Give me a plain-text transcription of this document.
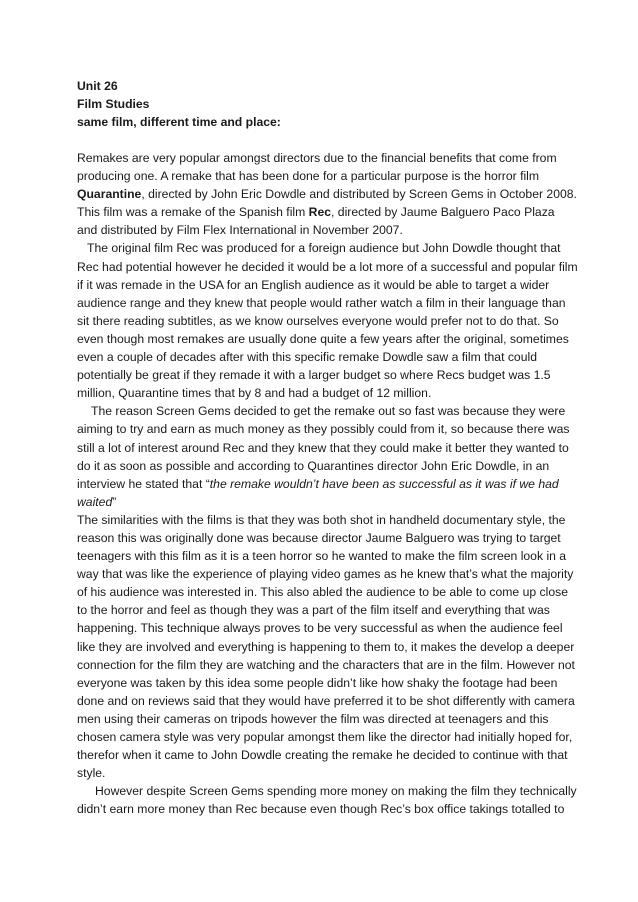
Unit 26
Film Studies
same film, different time and place:

Remakes are very popular amongst directors due to the financial benefits that come from producing one. A remake that has been done for a particular purpose is the horror film Quarantine, directed by John Eric Dowdle and distributed by Screen Gems in October 2008. This film was a remake of the Spanish film Rec, directed by Jaume Balguero Paco Plaza and distributed by Film Flex International in November 2007.

The original film Rec was produced for a foreign audience but John Dowdle thought that Rec had potential however he decided it would be a lot more of a successful and popular film if it was remade in the USA for an English audience as it would be able to target a wider audience range and they knew that people would rather watch a film in their language than sit there reading subtitles, as we know ourselves everyone would prefer not to do that. So even though most remakes are usually done quite a few years after the original, sometimes even a couple of decades after with this specific remake Dowdle saw a film that could potentially be great if they remade it with a larger budget so where Recs budget was 1.5 million, Quarantine times that by 8 and had a budget of 12 million.

The reason Screen Gems decided to get the remake out so fast was because they were aiming to try and earn as much money as they possibly could from it, so because there was still a lot of interest around Rec and they knew that they could make it better they wanted to do it as soon as possible and according to Quarantines director John Eric Dowdle, in an interview he stated that “the remake wouldn’t have been as successful as it was if we had waited”

The similarities with the films is that they was both shot in handheld documentary style, the reason this was originally done was because director Jaume Balguero was trying to target teenagers with this film as it is a teen horror so he wanted to make the film screen look in a way that was like the experience of playing video games as he knew that’s what the majority of his audience was interested in. This also abled the audience to be able to come up close to the horror and feel as though they was a part of the film itself and everything that was happening. This technique always proves to be very successful as when the audience feel like they are involved and everything is happening to them to, it makes the develop a deeper connection for the film they are watching and the characters that are in the film. However not everyone was taken by this idea some people didn’t like how shaky the footage had been done and on reviews said that they would have preferred it to be shot differently with camera men using their cameras on tripods however the film was directed at teenagers and this chosen camera style was very popular amongst them like the director had initially hoped for, therefor when it came to John Dowdle creating the remake he decided to continue with that style.

However despite Screen Gems spending more money on making the film they technically didn’t earn more money than Rec because even though Rec’s box office takings totalled to
